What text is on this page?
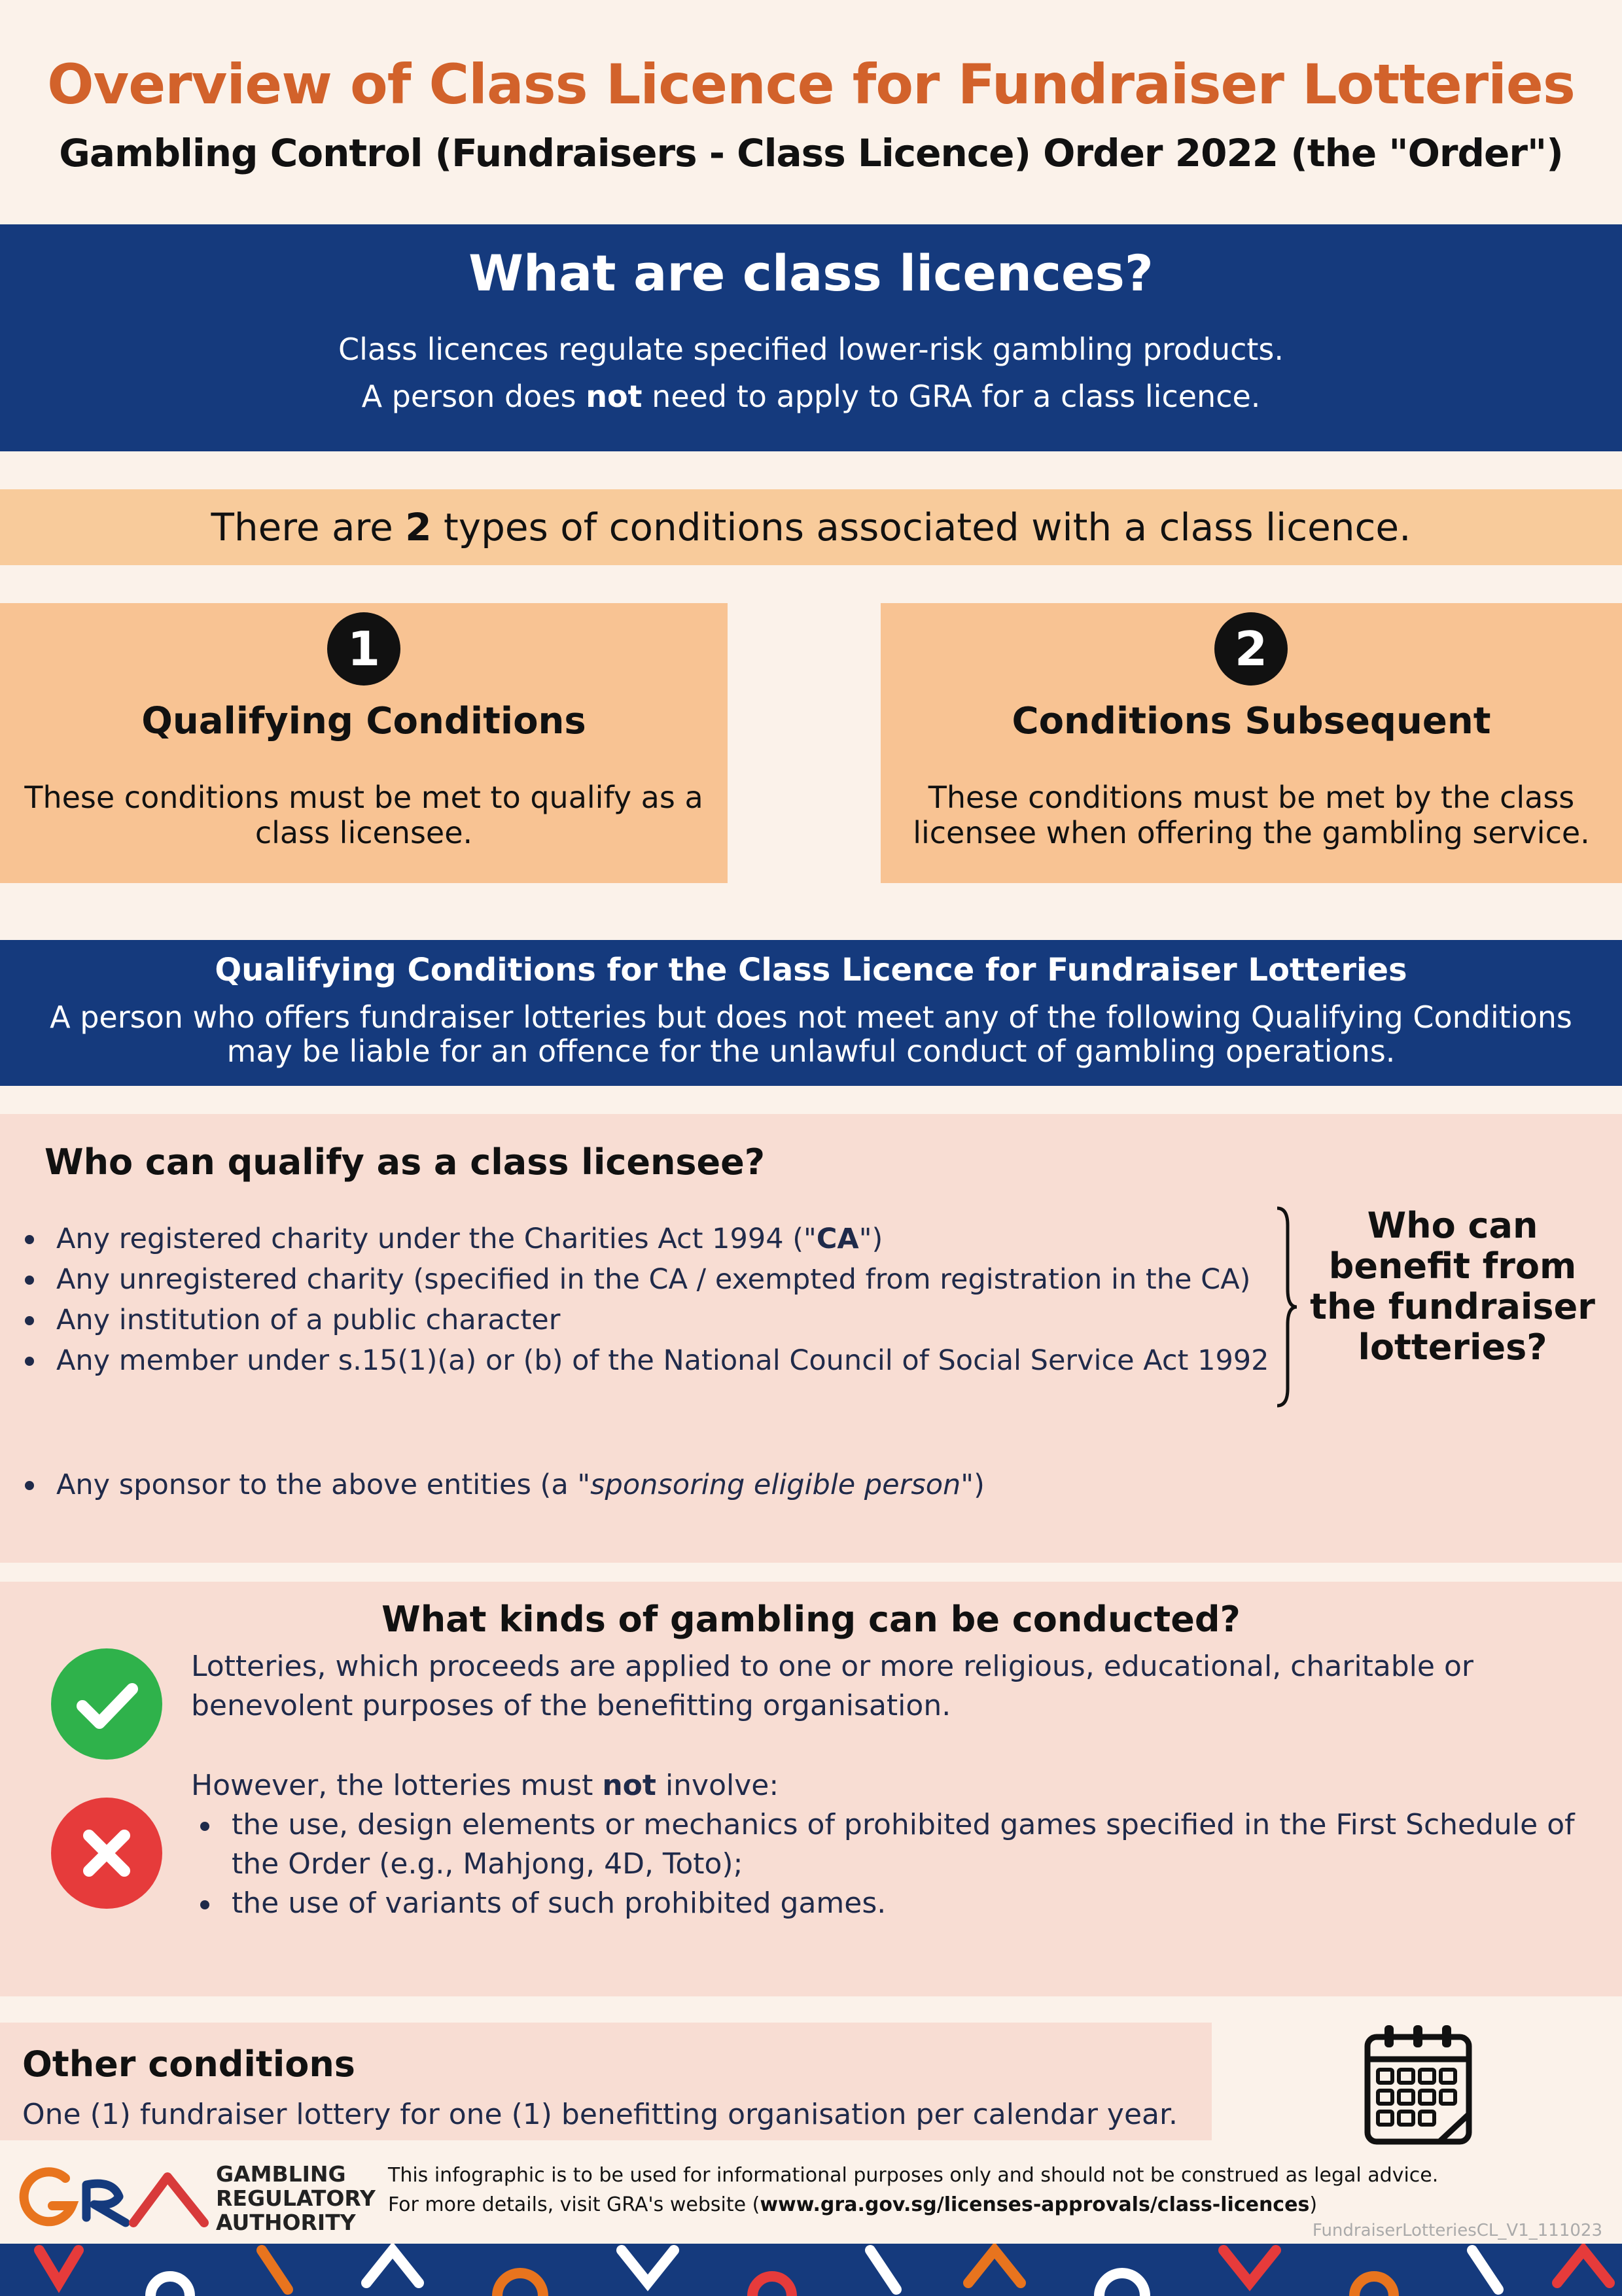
Overview of Class Licence for Fundraiser Lotteries
Gambling Control (Fundraisers - Class Licence) Order 2022 (the "Order")
What are class licences?
Class licences regulate specified lower-risk gambling products.
A person does not need to apply to GRA for a class licence.
There are 2 types of conditions associated with a class licence.
1
Qualifying Conditions
These conditions must be met to qualify as a class licensee.
2
Conditions Subsequent
These conditions must be met by the class licensee when offering the gambling service.
Qualifying Conditions for the Class Licence for Fundraiser Lotteries
A person who offers fundraiser lotteries but does not meet any of the following Qualifying Conditions may be liable for an offence for the unlawful conduct of gambling operations.
Who can qualify as a class licensee?
Any registered charity under the Charities Act 1994 ("CA")
Any unregistered charity (specified in the CA / exempted from registration in the CA)
Any institution of a public character
Any member under s.15(1)(a) or (b) of the National Council of Social Service Act 1992
Any sponsor to the above entities (a "sponsoring eligible person")
Who can benefit from the fundraiser lotteries?
What kinds of gambling can be conducted?
Lotteries, which proceeds are applied to one or more religious, educational, charitable or benevolent purposes of the benefitting organisation.
However, the lotteries must not involve:
the use, design elements or mechanics of prohibited games specified in the First Schedule of the Order (e.g., Mahjong, 4D, Toto);
the use of variants of such prohibited games.
Other conditions
One (1) fundraiser lottery for one (1) benefitting organisation per calendar year.
GAMBLING
REGULATORY
AUTHORITY
This infographic is to be used for informational purposes only and should not be construed as legal advice.
For more details, visit GRA's website (www.gra.gov.sg/licenses-approvals/class-licences)
FundraiserLotteriesCL_V1_111023
